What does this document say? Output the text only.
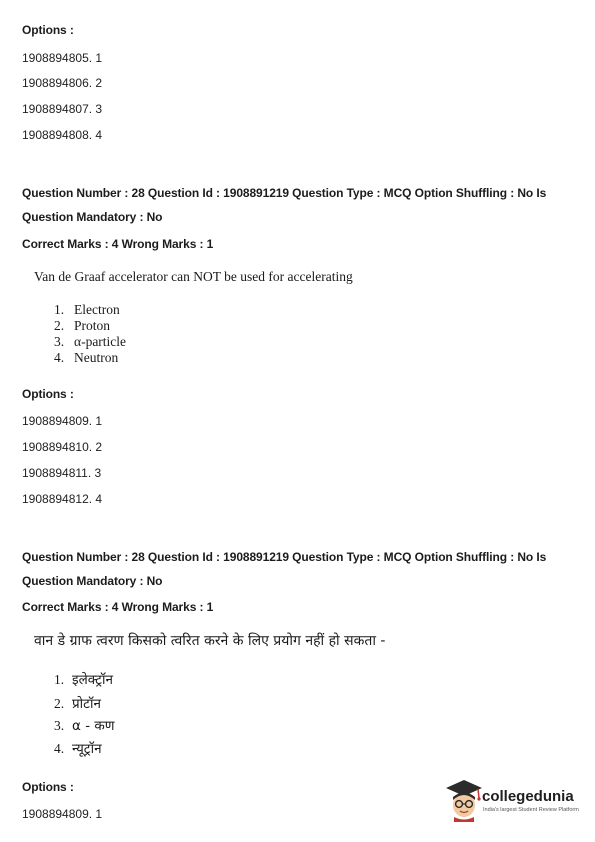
Options :
1908894805. 1
1908894806. 2
1908894807. 3
1908894808. 4
Question Number : 28 Question Id : 1908891219 Question Type : MCQ Option Shuffling : No Is
Question Mandatory : No
Correct Marks : 4 Wrong Marks : 1
Van de Graaf accelerator can NOT be used for accelerating
1. Electron
2. Proton
3. α-particle
4. Neutron
Options :
1908894809. 1
1908894810. 2
1908894811. 3
1908894812. 4
Question Number : 28 Question Id : 1908891219 Question Type : MCQ Option Shuffling : No Is
Question Mandatory : No
Correct Marks : 4 Wrong Marks : 1
वान डे ग्राफ त्वरण किसको त्वरित करने के लिए प्रयोग नहीं हो सकता -
1. इलेक्ट्रॉन
2. प्रोटॉन
3. α - कण
4. न्यूट्रॉन
Options :
1908894809. 1
collegedunia
India's largest Student Review Platform
